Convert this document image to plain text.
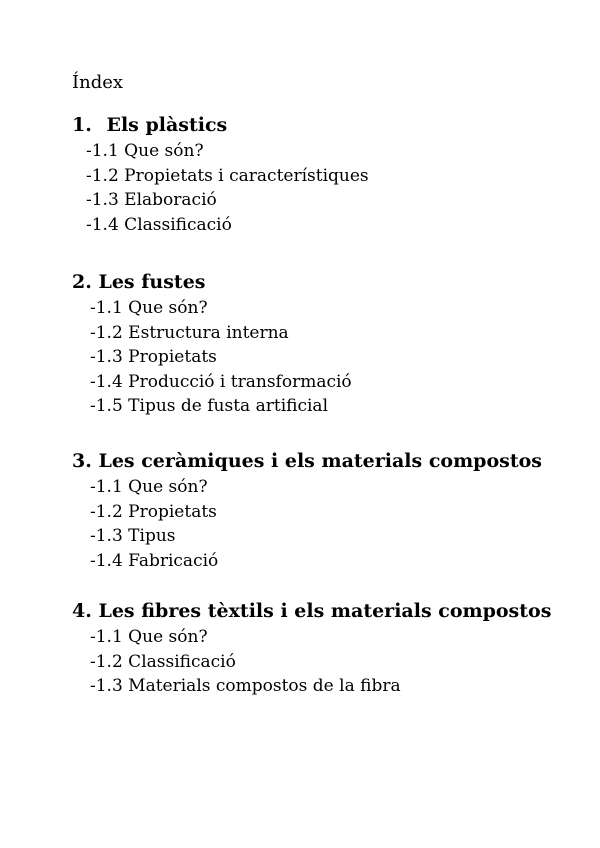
Índex
1. Els plàstics
-1.1 Que són?
-1.2 Propietats i característiques
-1.3 Elaboració
-1.4 Classificació
2. Les fustes
-1.1 Que són?
-1.2 Estructura interna
-1.3 Propietats
-1.4 Producció i transformació
-1.5 Tipus de fusta artificial
3. Les ceràmiques i els materials compostos
-1.1 Que són?
-1.2 Propietats
-1.3 Tipus
-1.4 Fabricació
4. Les fibres tèxtils i els materials compostos
-1.1 Que són?
-1.2 Classificació
-1.3 Materials compostos de la fibra
